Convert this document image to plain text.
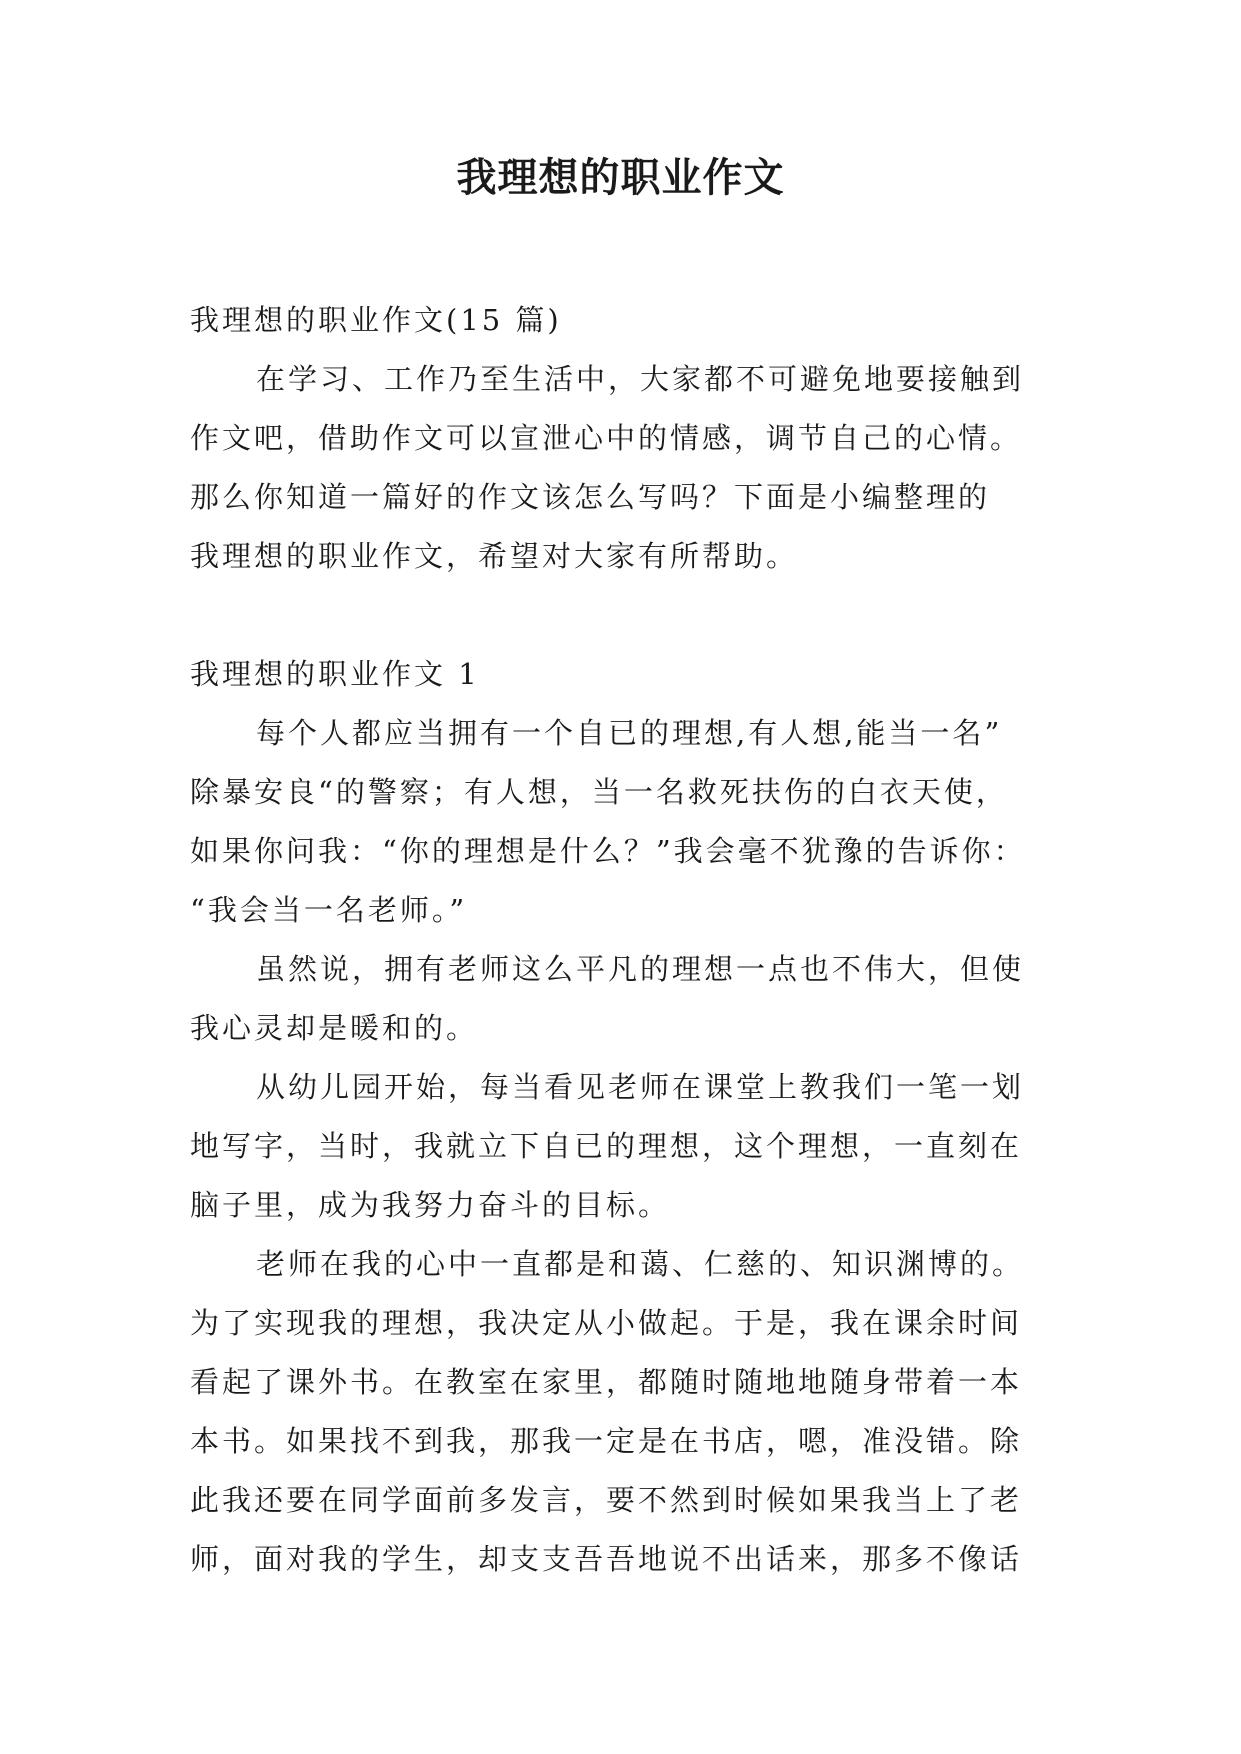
我理想的职业作文
我理想的职业作文(15 篇)
在学习、工作乃至生活中，大家都不可避免地要接触到
作文吧，借助作文可以宣泄心中的情感，调节自己的心情。
那么你知道一篇好的作文该怎么写吗？下面是小编整理的
我理想的职业作文，希望对大家有所帮助。
我理想的职业作文 1
每个人都应当拥有一个自已的理想,有人想,能当一名”
除暴安良“的警察；有人想，当一名救死扶伤的白衣天使，
如果你问我：“你的理想是什么？”我会毫不犹豫的告诉你：
“我会当一名老师。”
虽然说，拥有老师这么平凡的理想一点也不伟大，但使
我心灵却是暖和的。
从幼儿园开始，每当看见老师在课堂上教我们一笔一划
地写字，当时，我就立下自已的理想，这个理想，一直刻在
脑子里，成为我努力奋斗的目标。
老师在我的心中一直都是和蔼、仁慈的、知识渊博的。
为了实现我的理想，我决定从小做起。于是，我在课余时间
看起了课外书。在教室在家里，都随时随地地随身带着一本
本书。如果找不到我，那我一定是在书店，嗯，准没错。除
此我还要在同学面前多发言，要不然到时候如果我当上了老
师，面对我的学生，却支支吾吾地说不出话来，那多不像话
